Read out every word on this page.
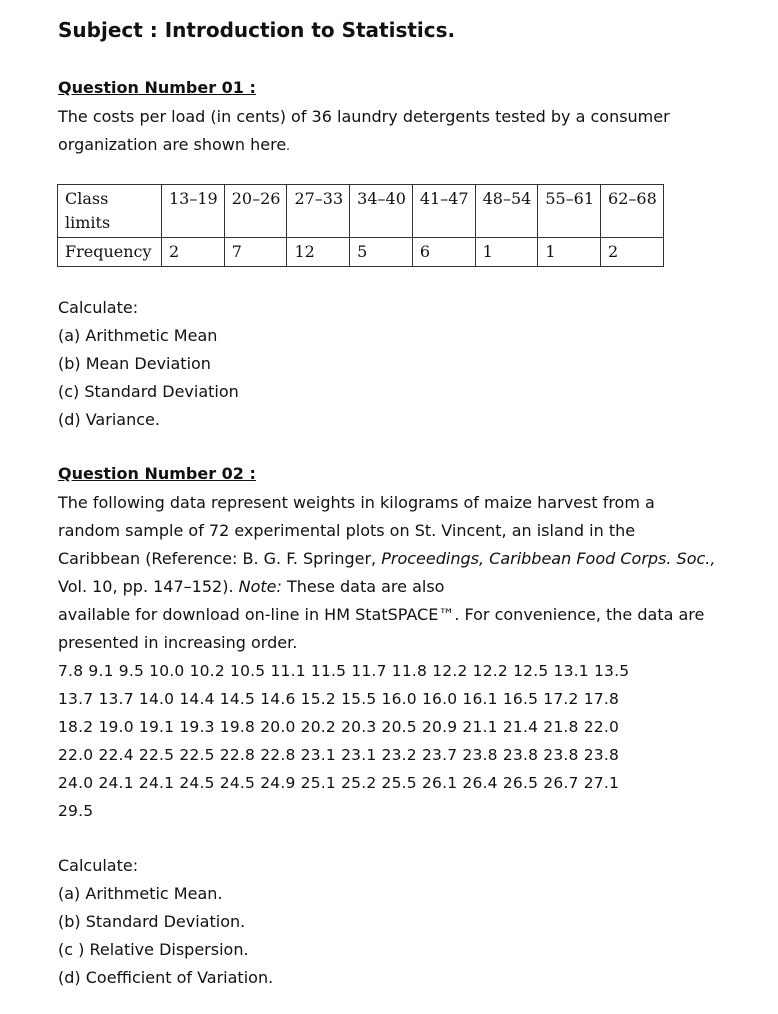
Subject : Introduction to Statistics.
Question Number 01 :
The costs per load (in cents) of 36 laundry detergents tested by a consumer
organization are shown here.
Class
limits	13–19	20–26	27–33	34–40	41–47	48–54	55–61	62–68
Frequency	2	7	12	5	6	1	1	2
Calculate:
(a) Arithmetic Mean
(b) Mean Deviation
(c) Standard Deviation
(d) Variance.
Question Number 02 :
The following data represent weights in kilograms of maize harvest from a
random sample of 72 experimental plots on St. Vincent, an island in the
Caribbean (Reference: B. G. F. Springer, Proceedings, Caribbean Food Corps. Soc.,
Vol. 10, pp. 147–152). Note: These data are also
available for download on-line in HM StatSPACE™. For convenience, the data are
presented in increasing order.
7.8 9.1 9.5 10.0 10.2 10.5 11.1 11.5 11.7 11.8 12.2 12.2 12.5 13.1 13.5
13.7 13.7 14.0 14.4 14.5 14.6 15.2 15.5 16.0 16.0 16.1 16.5 17.2 17.8
18.2 19.0 19.1 19.3 19.8 20.0 20.2 20.3 20.5 20.9 21.1 21.4 21.8 22.0
22.0 22.4 22.5 22.5 22.8 22.8 23.1 23.1 23.2 23.7 23.8 23.8 23.8 23.8
24.0 24.1 24.1 24.5 24.5 24.9 25.1 25.2 25.5 26.1 26.4 26.5 26.7 27.1
29.5
Calculate:
(a) Arithmetic Mean.
(b) Standard Deviation.
(c ) Relative Dispersion.
(d) Coefficient of Variation.
